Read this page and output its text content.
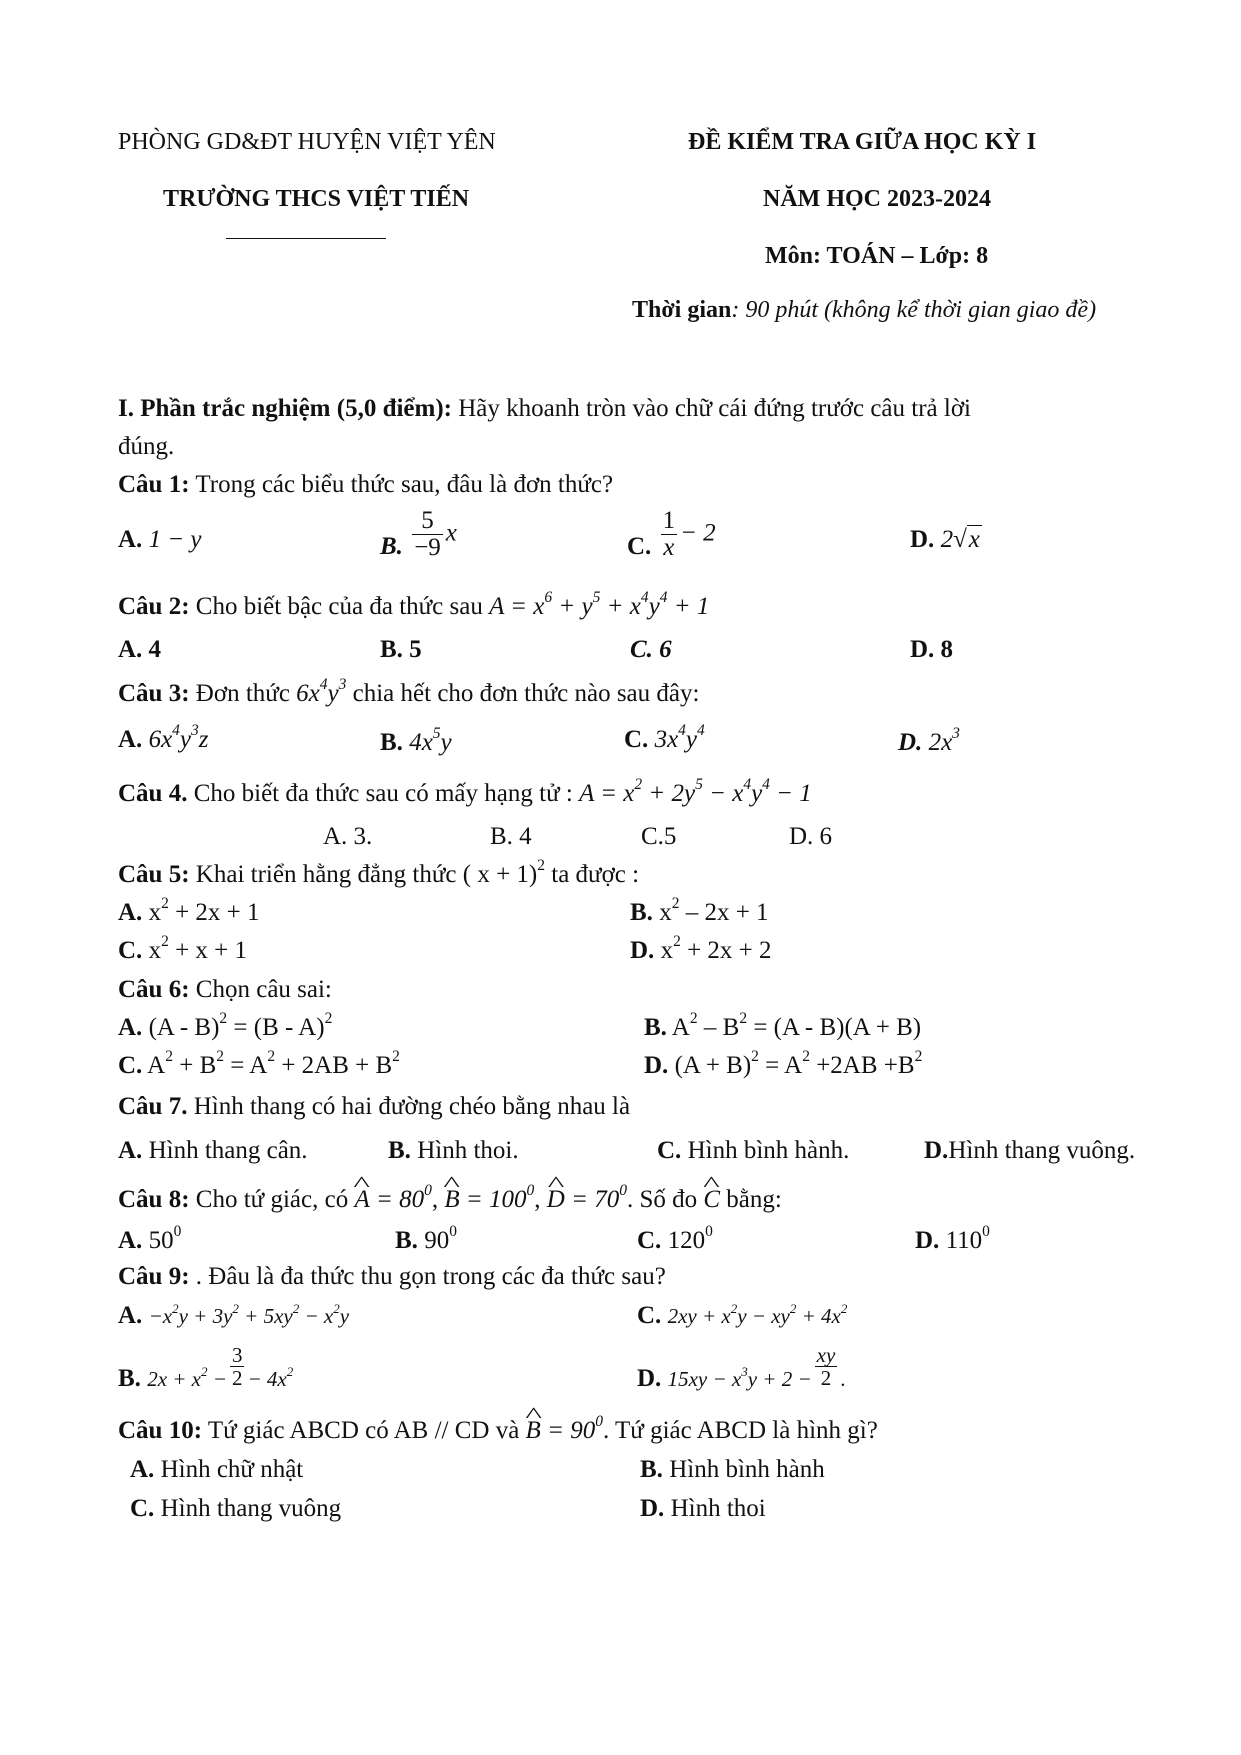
PHÒNG GD&ĐT HUYỆN VIỆT YÊN
TRƯỜNG THCS VIỆT TIẾN
ĐỀ KIỂM TRA GIỮA HỌC KỲ I
NĂM HỌC 2023-2024
Môn: TOÁN – Lớp: 8
Thời gian: 90 phút (không kể thời gian giao đề)
I. Phần trắc nghiệm (5,0 điểm): Hãy khoanh tròn vào chữ cái đứng trước câu trả lời
đúng.
Câu 1: Trong các biểu thức sau, đâu là đơn thức?
A. 1 − y	B. $\frac{5}{-9}$ x
C. $\frac{1}{x} - 2$	D. 2√x
Câu 2: Cho biết bậc của đa thức sau $A = x^6 + y^5 + x^4y^4 + 1$
A. 4	B. 5	C. 6	D. 8
Câu 3: Đơn thức $6x^4y^3$ chia hết cho đơn thức nào sau đây:
A. $6x^4y^3z$	B. $4x^5y$	C. $3x^4y^4$	D. $2x^3$
Câu 4. Cho biết đa thức sau có mấy hạng tử : $A = x^2 + 2y^5 - x^4y^4 - 1$
A. 3.	B. 4	C.5	D. 6
Câu 5: Khai triển hằng đẳng thức ( x + 1)$^2$ ta được :
A. $x^2 + 2x + 1$	B. $x^2 - 2x + 1$
C. $x^2 + x + 1$	D. $x^2 + 2x + 2$
Câu 6: Chọn câu sai:
A. (A - B)$^2$ = (B - A)$^2$	B. $A^2 - B^2 = (A - B)(A + B)$
C. $A^2 + B^2 = A^2 + 2AB + B^2$	D. $(A + B)^2 = A^2 +2AB +B^2$
Câu 7. Hình thang có hai đường chéo bằng nhau là
A. Hình thang cân.	B. Hình thoi.	C. Hình bình hành.	D.Hình thang vuông.
Câu 8: Cho tứ giác, có ^ $A = 80^0$, ^ $B = 100^0$, ^ $D = 70^0$. Số đo ^ C bằng:
A. $50^0$	B. $90^0$	C. $120^0$	D. $110^0$
Câu 9: . Đâu là đa thức thu gọn trong các đa thức sau?
A. $-x^2y + 3y^2 + 5xy^2 - x^2y$	C. $2xy + x^2y - xy^2 + 4x^2$
B. $_{2x + x^2 -} \frac{3}{2} _{- 4x^2}$	D. $_{15xy - x^3y + 2 -} \frac{xy}{2} _.$
Câu 10: Tứ giác ABCD có AB // CD và ^ $B = 90^0$. Tứ giác ABCD là hình gì?
A. Hình chữ nhật	B. Hình bình hành
C. Hình thang vuông	D. Hình thoi
